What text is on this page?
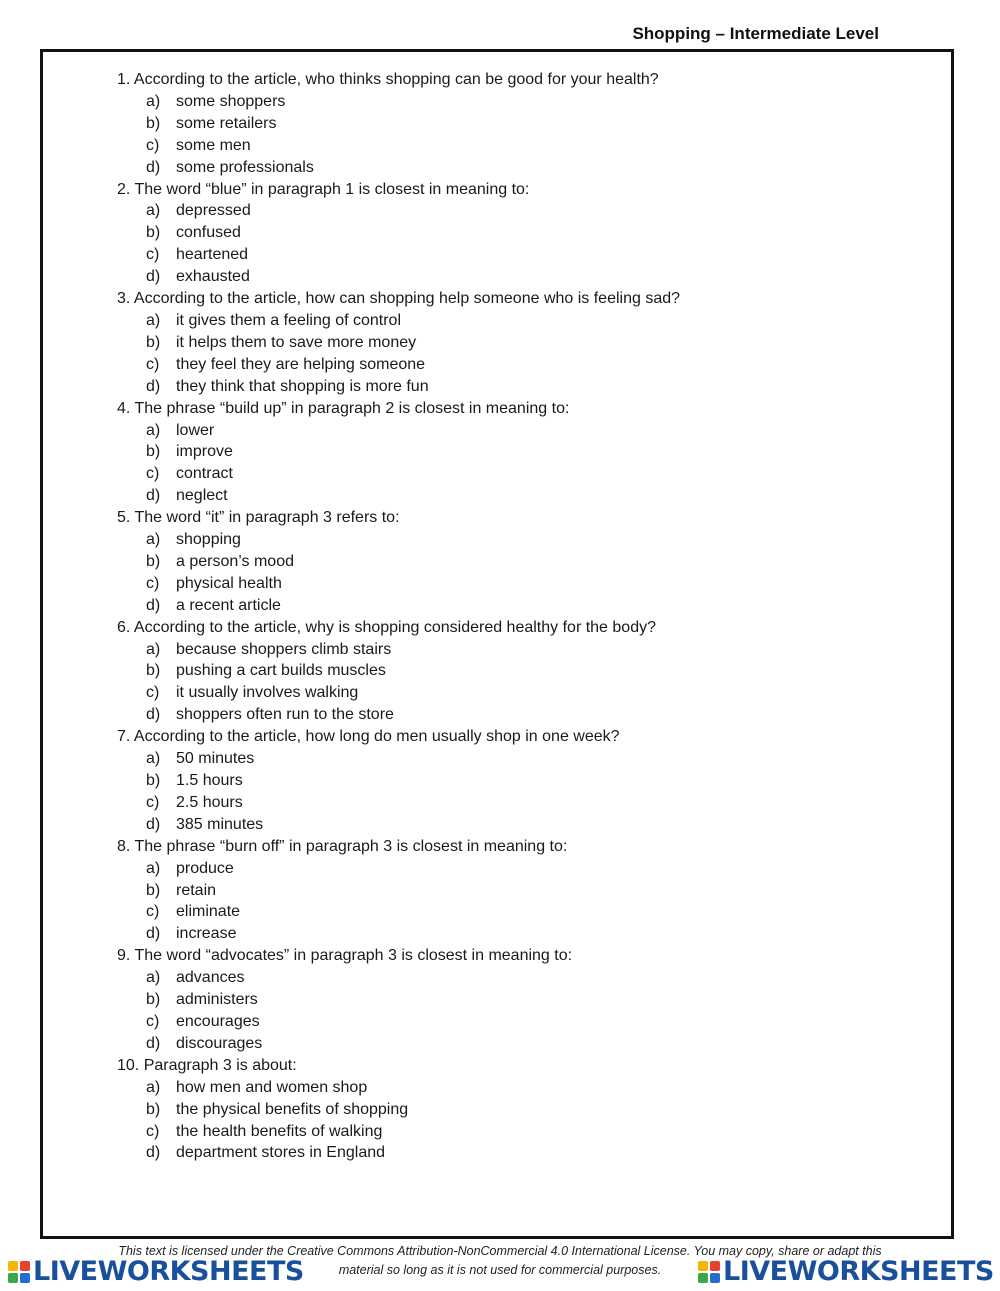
Shopping – Intermediate Level
1. According to the article, who thinks shopping can be good for your health?
a) some shoppers
b) some retailers
c)	some men
d) some professionals
2. The word “blue” in paragraph 1 is closest in meaning to:
a) depressed
b) confused
c)	heartened
d) exhausted
3. According to the article, how can shopping help someone who is feeling sad?
a) it gives them a feeling of control
b) it helps them to save more money
c)	they feel they are helping someone
d) they think that shopping is more fun
4. The phrase “build up” in paragraph 2 is closest in meaning to:
a) lower
b) improve
c)	contract
d) neglect
5. The word “it” in paragraph 3 refers to:
a) shopping
b) a person’s mood
c)	physical health
d) a recent article
6. According to the article, why is shopping considered healthy for the body?
a) because shoppers climb stairs
b) pushing a cart builds muscles
c)	it usually involves walking
d) shoppers often run to the store
7. According to the article, how long do men usually shop in one week?
a) 50 minutes
b) 1.5 hours
c)	2.5 hours
d) 385 minutes
8. The phrase “burn off” in paragraph 3 is closest in meaning to:
a) produce
b) retain
c)	eliminate
d) increase
9. The word “advocates” in paragraph 3 is closest in meaning to:
a) advances
b) administers
c)	encourages
d) discourages
10. Paragraph 3 is about:
a) how men and women shop
b) the physical benefits of shopping
c)	the health benefits of walking
d) department stores in England
This text is licensed under the Creative Commons Attribution-NonCommercial 4.0 International License. You may copy, share or adapt this
material so long as it is not used for commercial purposes.
LIVEWORKSHEETS	LIVEWORKSHEETS
